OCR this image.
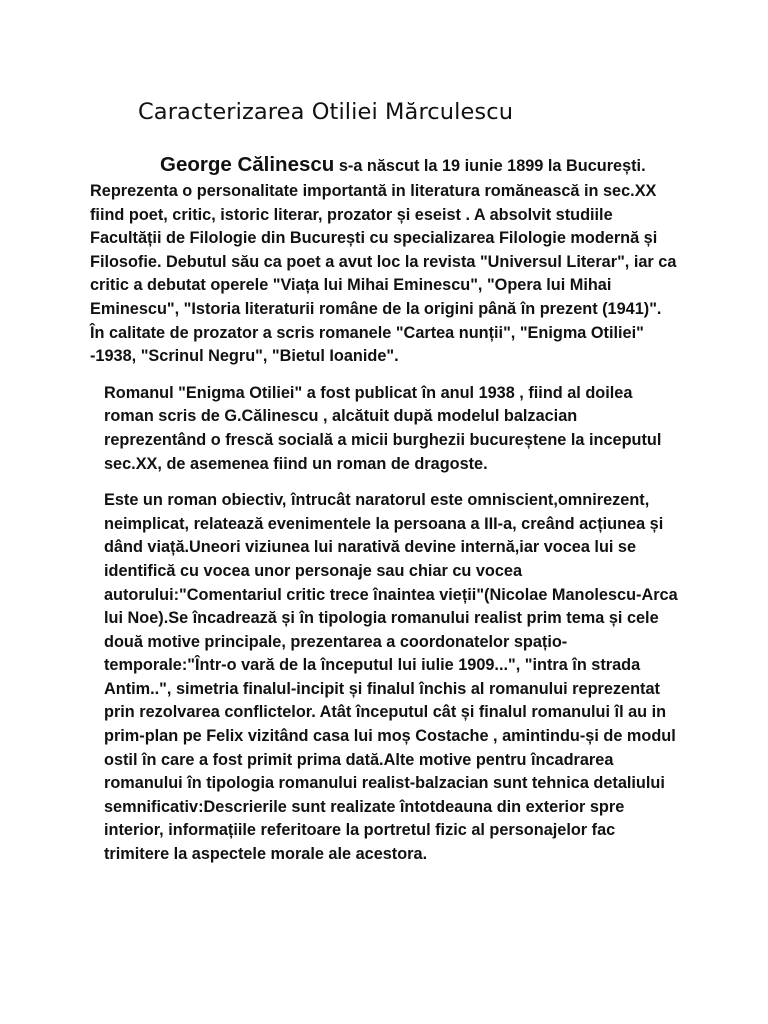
Caracterizarea Otiliei Mărculescu

George Călinescu s-a născut la 19 iunie 1899 la București. Reprezenta o personalitate importantă in literatura romănească in sec.XX fiind poet, critic, istoric literar, prozator și eseist . A absolvit studiile Facultății de Filologie din București cu specializarea Filologie modernă și Filosofie. Debutul său ca poet a avut loc la revista "Universul Literar", iar ca critic a debutat operele "Viața lui Mihai Eminescu", "Opera lui Mihai Eminescu", "Istoria literaturii române de la origini până în prezent (1941)". În calitate de prozator a scris romanele "Cartea nunții", "Enigma Otiliei" -1938, "Scrinul Negru", "Bietul Ioanide".

Romanul "Enigma Otiliei" a fost publicat în anul 1938 , fiind al doilea roman scris de G.Călinescu , alcătuit după modelul balzacian reprezentând o frescă socială a micii burghezii bucureștene la inceputul sec.XX, de asemenea fiind un roman de dragoste.

Este un roman obiectiv, întrucât naratorul este omniscient,omnirezent, neimplicat, relatează evenimentele la persoana a III-a, creând acțiunea și dând viață.Uneori viziunea lui narativă devine internă,iar vocea lui se identifică cu vocea unor personaje sau chiar cu vocea autorului:"Comentariul critic trece înaintea vieții"(Nicolae Manolescu-Arca lui Noe).Se încadrează și în tipologia romanului realist prim tema și cele două motive principale, prezentarea a coordonatelor spațio-temporale:"Într-o vară de la începutul lui iulie 1909...", "intra în strada Antim..", simetria finalul-incipit și finalul închis al romanului reprezentat prin rezolvarea conflictelor. Atât începutul cât și finalul romanului îl au in prim-plan pe Felix vizitând casa lui moș Costache , amintindu-și de modul ostil în care a fost primit prima dată.Alte motive pentru încadrarea romanului în tipologia romanului realist-balzacian sunt tehnica detaliului semnificativ:Descrierile sunt realizate întotdeauna din exterior spre interior, informațiile referitoare la portretul fizic al personajelor fac trimitere la aspectele morale ale acestora.
